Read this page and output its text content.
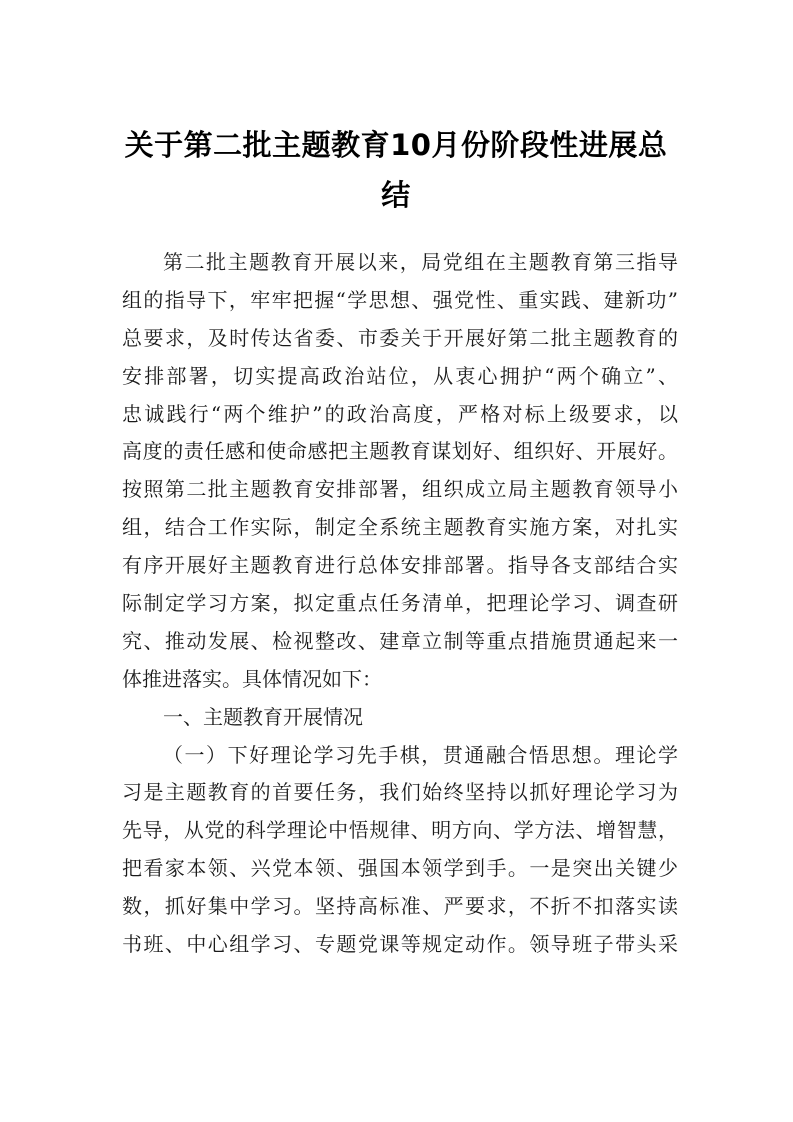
关于第二批主题教育10月份阶段性进展总结
第二批主题教育开展以来，局党组在主题教育第三指导
组的指导下，牢牢把握“学思想、强党性、重实践、建新功”
总要求，及时传达省委、市委关于开展好第二批主题教育的
安排部署，切实提高政治站位，从衷心拥护“两个确立”、
忠诚践行“两个维护”的政治高度，严格对标上级要求，以
高度的责任感和使命感把主题教育谋划好、组织好、开展好。
按照第二批主题教育安排部署，组织成立局主题教育领导小
组，结合工作实际，制定全系统主题教育实施方案，对扎实
有序开展好主题教育进行总体安排部署。指导各支部结合实
际制定学习方案，拟定重点任务清单，把理论学习、调查研
究、推动发展、检视整改、建章立制等重点措施贯通起来一
体推进落实。具体情况如下：
一、主题教育开展情况
（一）下好理论学习先手棋，贯通融合悟思想。理论学
习是主题教育的首要任务，我们始终坚持以抓好理论学习为
先导，从党的科学理论中悟规律、明方向、学方法、增智慧，
把看家本领、兴党本领、强国本领学到手。一是突出关键少
数，抓好集中学习。坚持高标准、严要求，不折不扣落实读
书班、中心组学习、专题党课等规定动作。领导班子带头采
